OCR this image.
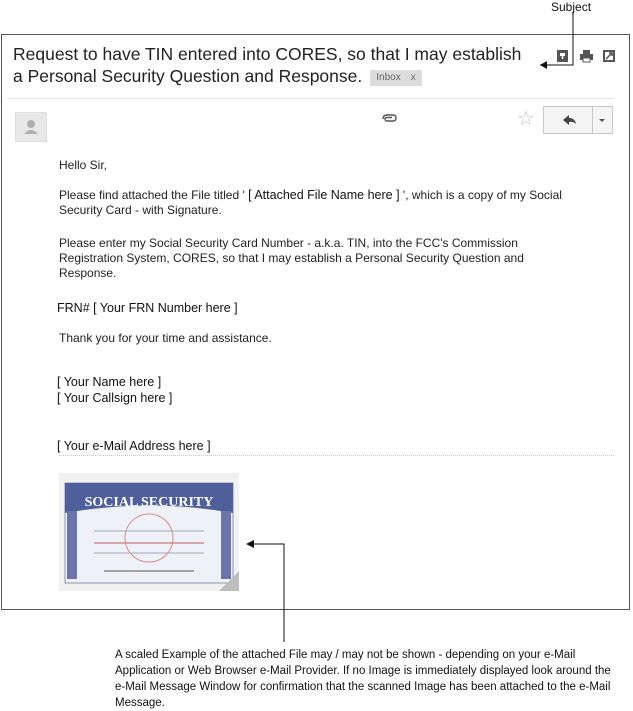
Subject
Request to have TIN entered into CORES, so that I may establish a Personal Security Question and Response. Inbox x
☆
Hello Sir,
Please find attached the File titled ' [ Attached File Name here ] ', which is a copy of my Social Security Card - with Signature.
Please enter my Social Security Card Number - a.k.a. TIN, into the FCC's Commission Registration System, CORES, so that I may establish a Personal Security Question and Response.
FRN# [ Your FRN Number here ]
Thank you for your time and assistance.
[ Your Name here ]
[ Your Callsign here ]
[ Your e-Mail Address here ]
SOCIAL SECURITY
A scaled Example of the attached File may / may not be shown - depending on your e-Mail Application or Web Browser e-Mail Provider. If no Image is immediately displayed look around the e-Mail Message Window for confirmation that the scanned Image has been attached to the e-Mail Message.
